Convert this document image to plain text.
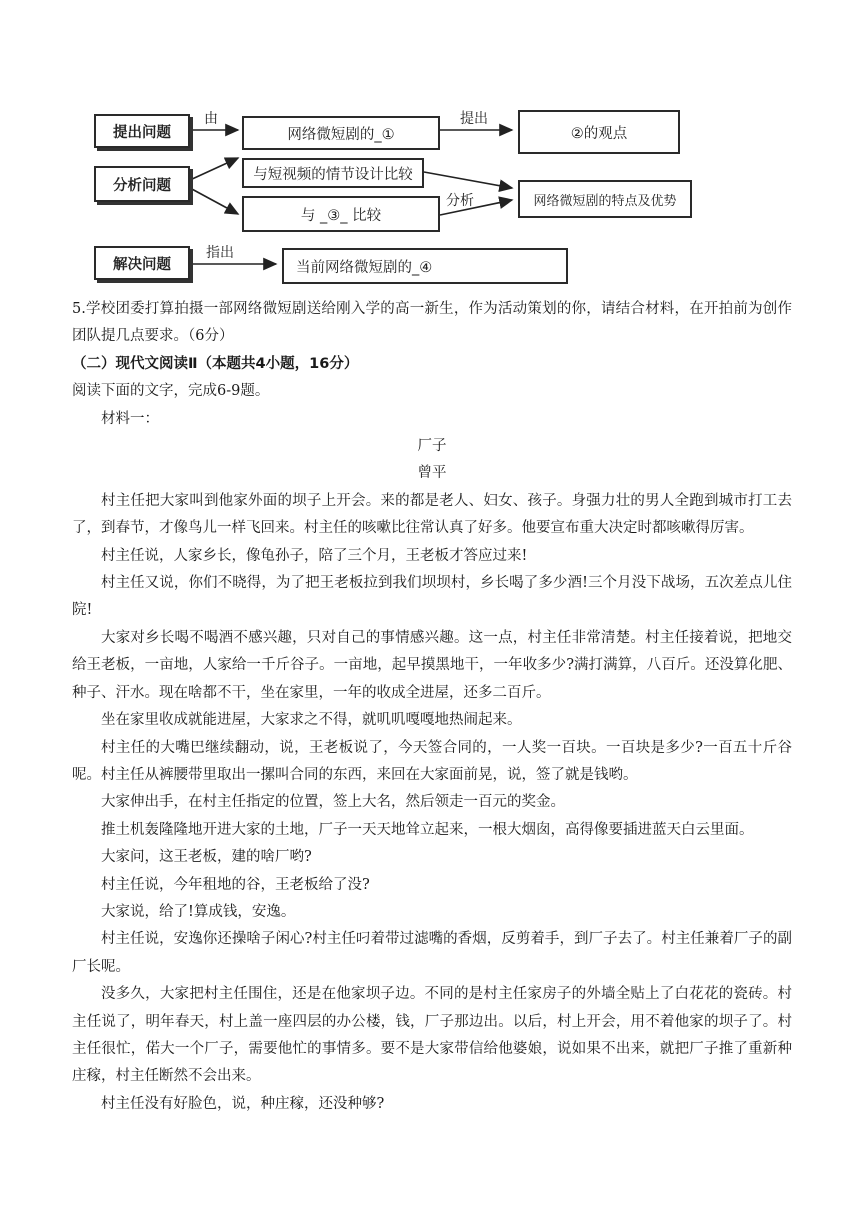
提出问题
分析问题
解决问题
网络微短剧的_①
与短视频的情节设计比较
与 _③_ 比较
当前网络微短剧的_④
②的观点
网络微短剧的特点及优势
由	提出
分析
指出

5.学校团委打算拍摄一部网络微短剧送给刚入学的高一新生，作为活动策划的你，请结合材料，在开拍前为创作团队提几点要求。（6分）

（二）现代文阅读Ⅱ（本题共4小题，16分）

阅读下面的文字，完成6-9题。

材料一：

厂子

曾平

村主任把大家叫到他家外面的坝子上开会。来的都是老人、妇女、孩子。身强力壮的男人全跑到城市打工去了，到春节，才像鸟儿一样飞回来。村主任的咳嗽比往常认真了好多。他要宣布重大决定时都咳嗽得厉害。

村主任说，人家乡长，像龟孙子，陪了三个月，王老板才答应过来!

村主任又说，你们不晓得，为了把王老板拉到我们坝坝村，乡长喝了多少酒!三个月没下战场，五次差点儿住院!

大家对乡长喝不喝酒不感兴趣，只对自己的事情感兴趣。这一点，村主任非常清楚。村主任接着说，把地交给王老板，一亩地，人家给一千斤谷子。一亩地，起早摸黑地干，一年收多少?满打满算，八百斤。还没算化肥、种子、汗水。现在啥都不干，坐在家里，一年的收成全进屋，还多二百斤。

坐在家里收成就能进屋，大家求之不得，就叽叽嘎嘎地热闹起来。

村主任的大嘴巴继续翻动，说，王老板说了，今天签合同的，一人奖一百块。一百块是多少?一百五十斤谷呢。村主任从裤腰带里取出一摞叫合同的东西，来回在大家面前晃，说，签了就是钱哟。

大家伸出手，在村主任指定的位置，签上大名，然后领走一百元的奖金。

推土机轰隆隆地开进大家的土地，厂子一天天地耸立起来，一根大烟囱，高得像要插进蓝天白云里面。

大家问，这王老板，建的啥厂哟?

村主任说，今年租地的谷，王老板给了没?

大家说，给了!算成钱，安逸。

村主任说，安逸你还操啥子闲心?村主任叼着带过滤嘴的香烟，反剪着手，到厂子去了。村主任兼着厂子的副厂长呢。

没多久，大家把村主任围住，还是在他家坝子边。不同的是村主任家房子的外墙全贴上了白花花的瓷砖。村主任说了，明年春天，村上盖一座四层的办公楼，钱，厂子那边出。以后，村上开会，用不着他家的坝子了。村主任很忙，偌大一个厂子，需要他忙的事情多。要不是大家带信给他婆娘，说如果不出来，就把厂子推了重新种庄稼，村主任断然不会出来。

村主任没有好脸色，说，种庄稼，还没种够?
